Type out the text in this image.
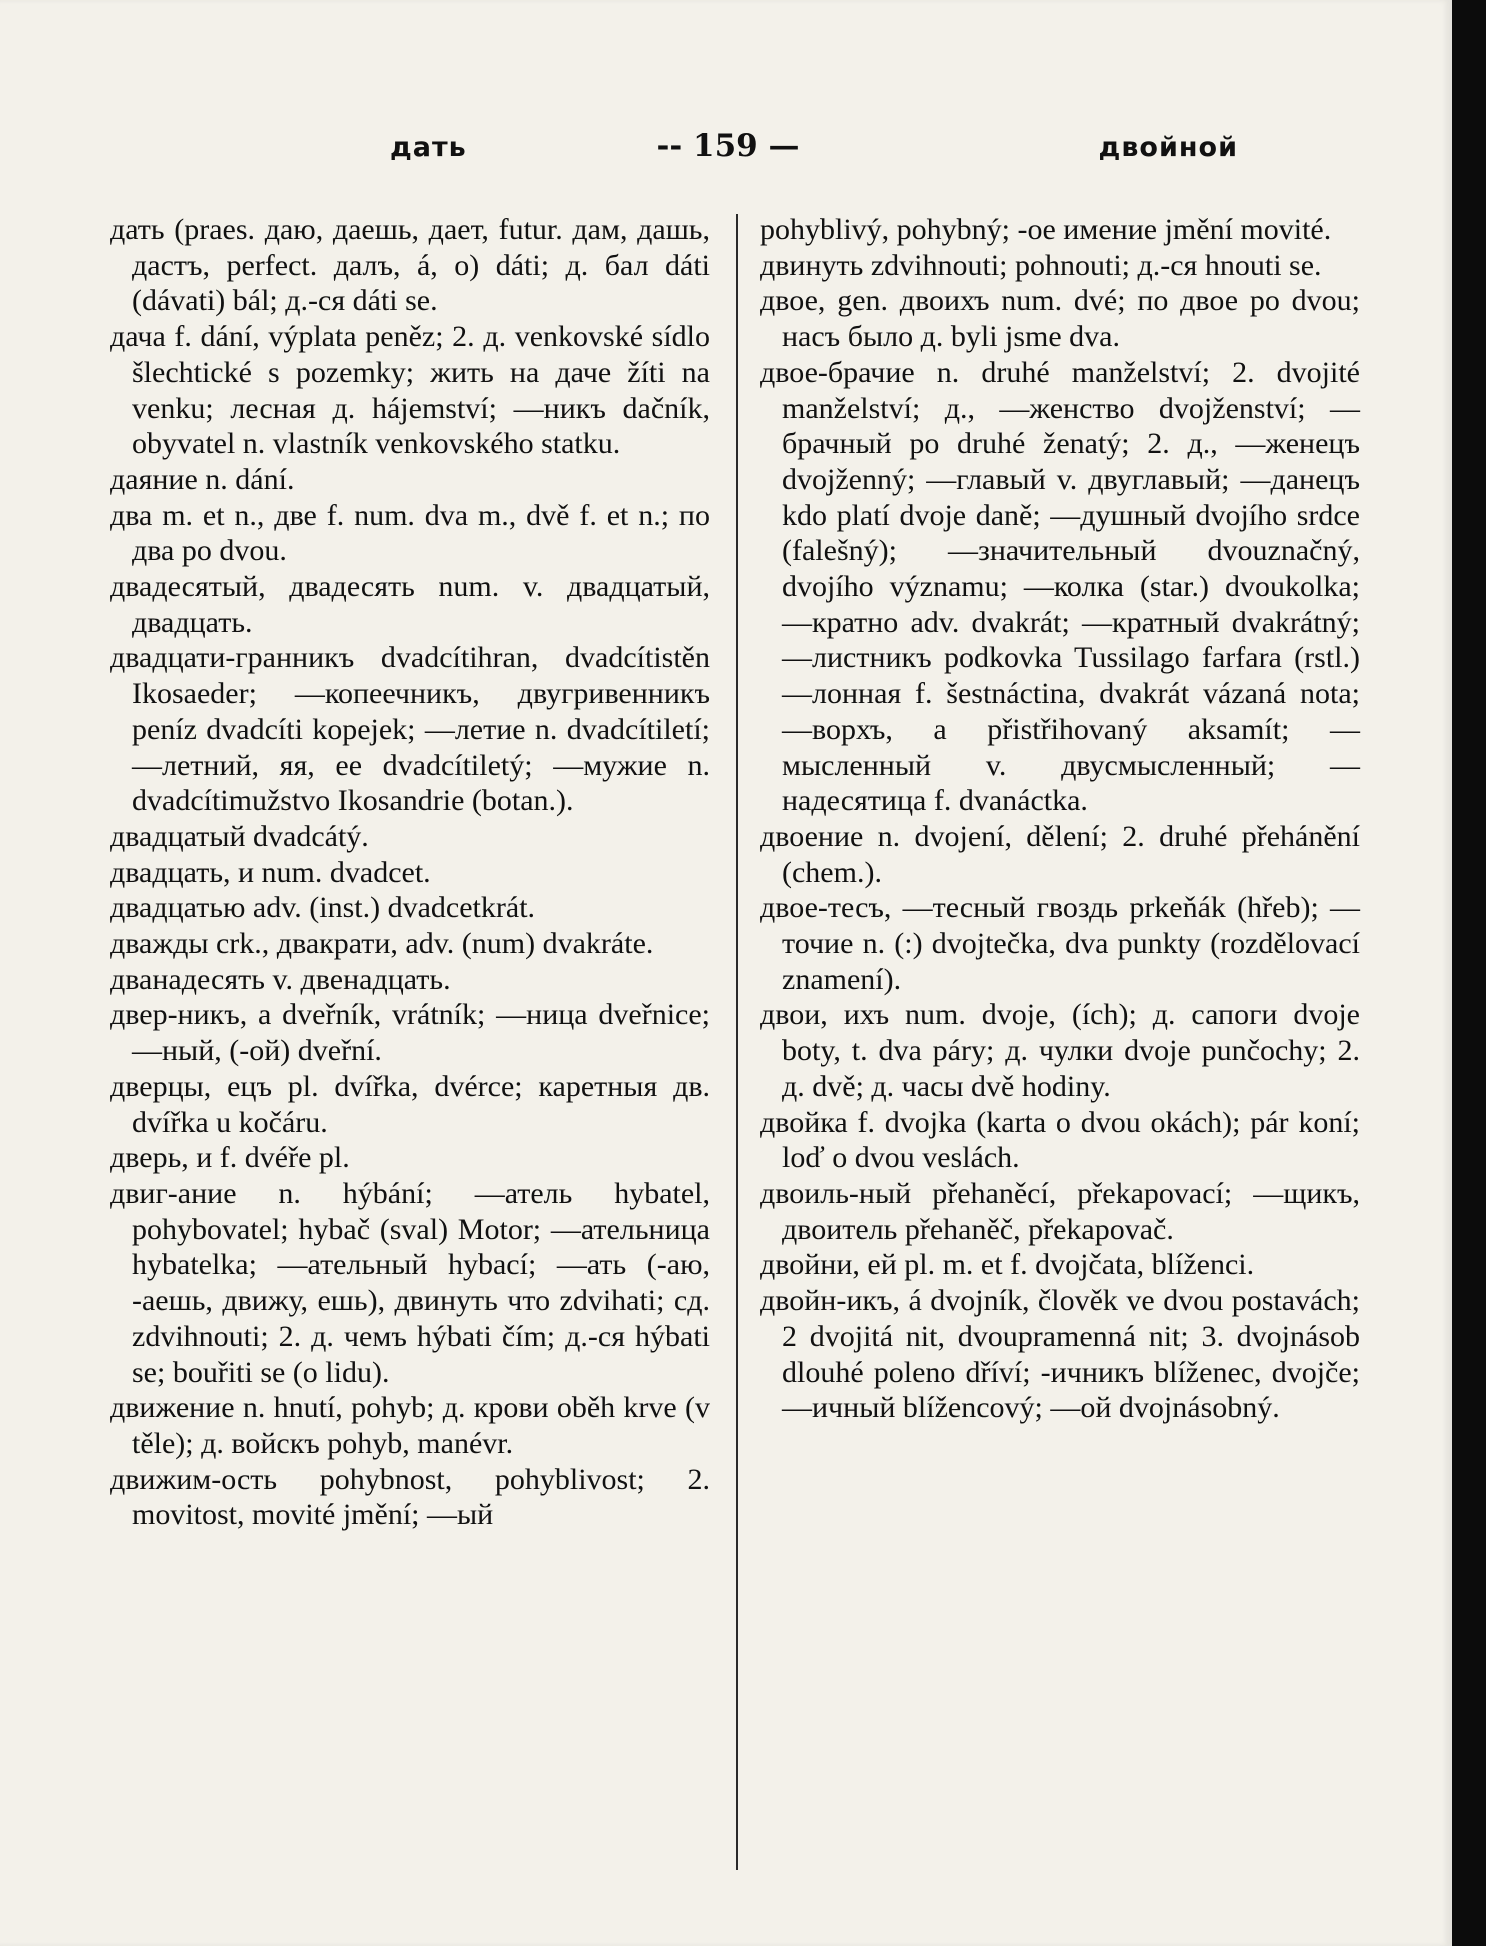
дать	-- 159 —	двойной

дать (praes. даю, даешь, дает, futur. дам, дашь, дастъ, perfect. далъ, á, o) dáti; д. бал dáti (dávati) bál; д.-ся dáti se.

дача f. dání, výplata peněz; 2. д. venkovské sídlo šlechtické s pozemky; жить на даче žíti na venku; лесная д. hájemství; —никъ dačník, obyvatel n. vlastník venkovského statku.

даяние n. dání.

два m. et n., две f. num. dva m., dvě f. et n.; по два po dvou.

двадесятый, двадесять num. v. двадцатый, двадцать.

двадцати-гранникъ dvadcítihran, dvadcítistěn Ikosaeder; —копеечникъ, двугривенникъ peníz dvadcíti kopejek; —летие n. dvadcítiletí; —летний, яя, ее dvadcítiletý; —мужие n. dvadcítimužstvo Ikosandrie (botan.).

двадцатый dvadcátý.

двадцать, и num. dvadcet.

двадцатью adv. (inst.) dvadcetkrát.

дважды crk., двакрати, adv. (num) dvakráte.

дванадесять v. двенадцать.

двер-никъ, a dveřník, vrátník; —ница dveřnice; —ный, (-ой) dveřní.

дверцы, ецъ pl. dvířka, dvérce; каретныя дв. dvířka u kočáru.

дверь, и f. dvéře pl.

двиг-ание n. hýbání; —атель hybatel, pohybovatel; hybač (sval) Motor; —ательница hybatelka; —ательный hybací; —ать (-аю, -аешь, движу, ешь), двинуть что zdvihati; сд. zdvihnouti; 2. д. чемъ hýbati čím; д.-ся hýbati se; bouřiti se (o lidu).

движение n. hnutí, pohyb; д. крови oběh krve (v těle); д. войскъ pohyb, manévr.

движим-ость pohybnost, pohyblivost; 2. movitost, movité jmění; —ый

pohyblivý, pohybný; -oe имение jmění movité.

двинуть zdvihnouti; pohnouti; д.-ся hnouti se.

двое, gen. двоихъ num. dvé; по двое po dvou; насъ было д. byli jsme dva.

двое-брачие n. druhé manželství; 2. dvojité manželství; д., —женство dvojženství; —брачный po druhé ženatý; 2. д., —женецъ dvojženný; —главый v. двуглавый; —данецъ kdo platí dvoje daně; —душный dvojího srdce (falešný); —значительный dvouznačný, dvojího významu; —колка (star.) dvoukolka; —кратно adv. dvakrát; —кратный dvakrátný; —листникъ podkovka Tussilago farfara (rstl.) —лонная f. šestnáctina, dvakrát vázaná nota; —ворхъ, a přistřihovaný aksamít; —мысленный v. двусмысленный; —надесятица f. dvanáctka.

двоение n. dvojení, dělení; 2. druhé přehánění (chem.).

двое-тесъ, —тесный гвоздь prkeňák (hřeb); —точие n. (:) dvojtečka, dva punkty (rozdělovací znamení).

двои, ихъ num. dvoje, (ích); д. сапоги dvoje boty, t. dva páry; д. чулки dvoje punčochy; 2. д. dvě; д. часы dvě hodiny.

двойка f. dvojka (karta o dvou okách); pár koní; loď o dvou veslách.

двоиль-ный přehaněcí, překapovací; —щикъ, двоитель přehaněč, překapovač.

двойни, ей pl. m. et f. dvojčata, blíženci.

двойн-икъ, á dvojník, člověk ve dvou postavách; 2 dvojitá nit, dvoupramenná nit; 3. dvojnásob dlouhé poleno dříví; -ичникъ blíženec, dvojče; —ичный blížencový; —ой dvojnásobný.
